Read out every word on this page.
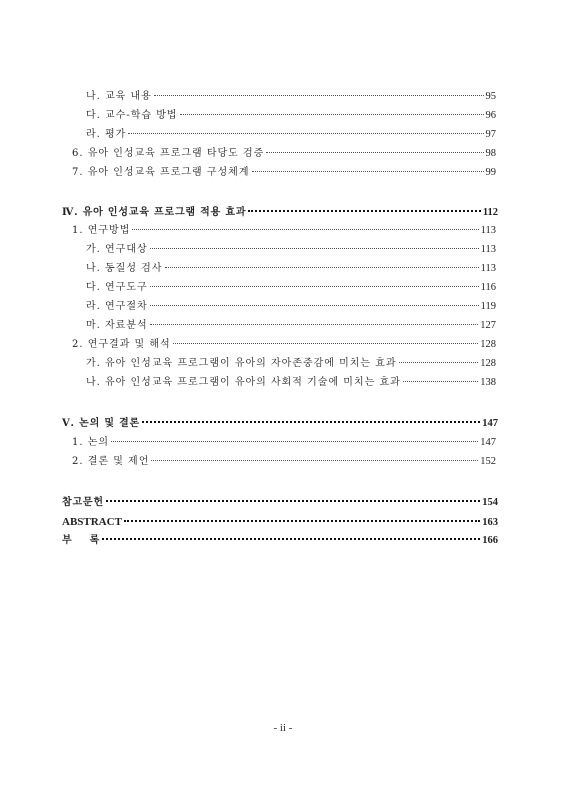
나. 교육 내용	95
다. 교수-학습 방법	96
라. 평가	97
6. 유아 인성교육 프로그램 타당도 검증	98
7. 유아 인성교육 프로그램 구성체계	99
Ⅳ. 유아 인성교육 프로그램 적용 효과	112
1. 연구방법	113
가. 연구대상	113
나. 동질성 검사	113
다. 연구도구	116
라. 연구절차	119
마. 자료분석	127
2. 연구결과 및 해석	128
가. 유아 인성교육 프로그램이 유아의 자아존중감에 미치는 효과	128
나. 유아 인성교육 프로그램이 유아의 사회적 기술에 미치는 효과	138
Ⅴ. 논의 및 결론	147
1. 논의	147
2. 결론 및 제언	152
참고문헌	154
ABSTRACT	163
부    록	166
- ii -
